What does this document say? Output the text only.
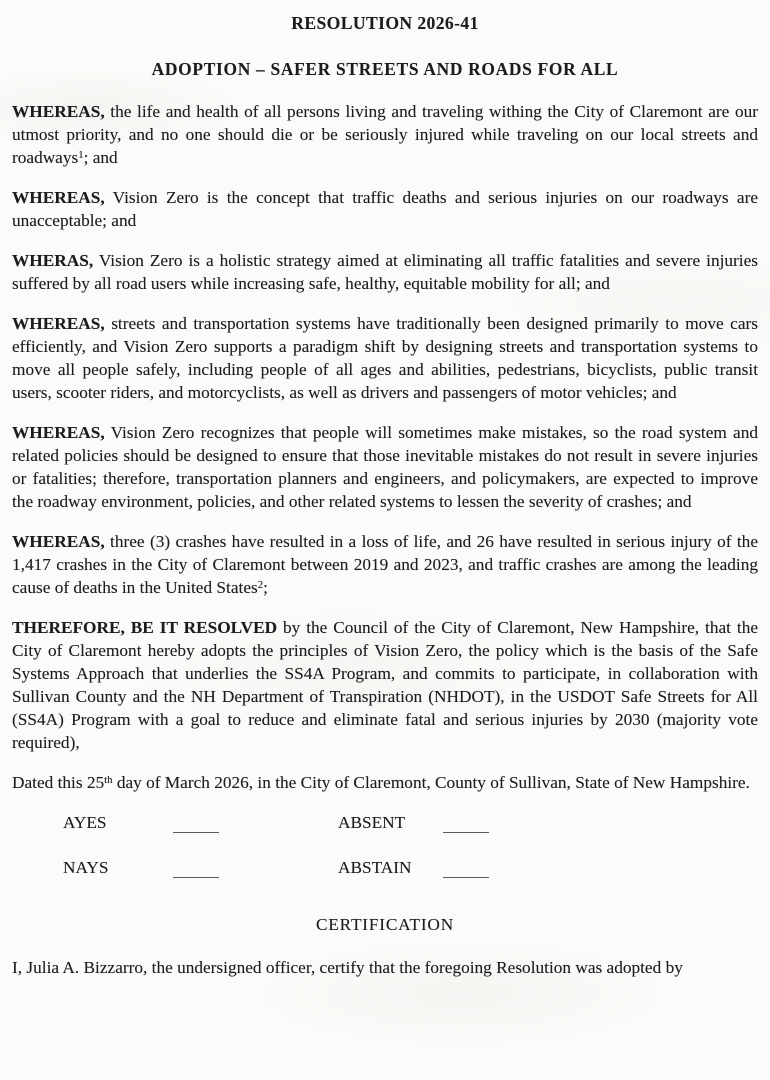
RESOLUTION 2026-41
ADOPTION – SAFER STREETS AND ROADS FOR ALL

WHEREAS, the life and health of all persons living and traveling withing the City of Claremont are our utmost priority, and no one should die or be seriously injured while traveling on our local streets and roadways$^1$; and

WHEREAS, Vision Zero is the concept that traffic deaths and serious injuries on our roadways are unacceptable; and

WHERAS, Vision Zero is a holistic strategy aimed at eliminating all traffic fatalities and severe injuries suffered by all road users while increasing safe, healthy, equitable mobility for all; and

WHEREAS, streets and transportation systems have traditionally been designed primarily to move cars efficiently, and Vision Zero supports a paradigm shift by designing streets and transportation systems to move all people safely, including people of all ages and abilities, pedestrians, bicyclists, public transit users, scooter riders, and motorcyclists, as well as drivers and passengers of motor vehicles; and

WHEREAS, Vision Zero recognizes that people will sometimes make mistakes, so the road system and related policies should be designed to ensure that those inevitable mistakes do not result in severe injuries or fatalities; therefore, transportation planners and engineers, and policymakers, are expected to improve the roadway environment, policies, and other related systems to lessen the severity of crashes; and

WHEREAS, three (3) crashes have resulted in a loss of life, and 26 have resulted in serious injury of the 1,417 crashes in the City of Claremont between 2019 and 2023, and traffic crashes are among the leading cause of deaths in the United States$^2$;

THEREFORE, BE IT RESOLVED by the Council of the City of Claremont, New Hampshire, that the City of Claremont hereby adopts the principles of Vision Zero, the policy which is the basis of the Safe Systems Approach that underlies the SS4A Program, and commits to participate, in collaboration with Sullivan County and the NH Department of Transpiration (NHDOT), in the USDOT Safe Streets for All (SS4A) Program with a goal to reduce and eliminate fatal and serious injuries by 2030 (majority vote required),

Dated this 25th day of March 2026, in the City of Claremont, County of Sullivan, State of New Hampshire.

AYES	ABSENT
NAYS	ABSTAIN
CERTIFICATION

I, Julia A. Bizzarro, the undersigned officer, certify that the foregoing Resolution was adopted by
